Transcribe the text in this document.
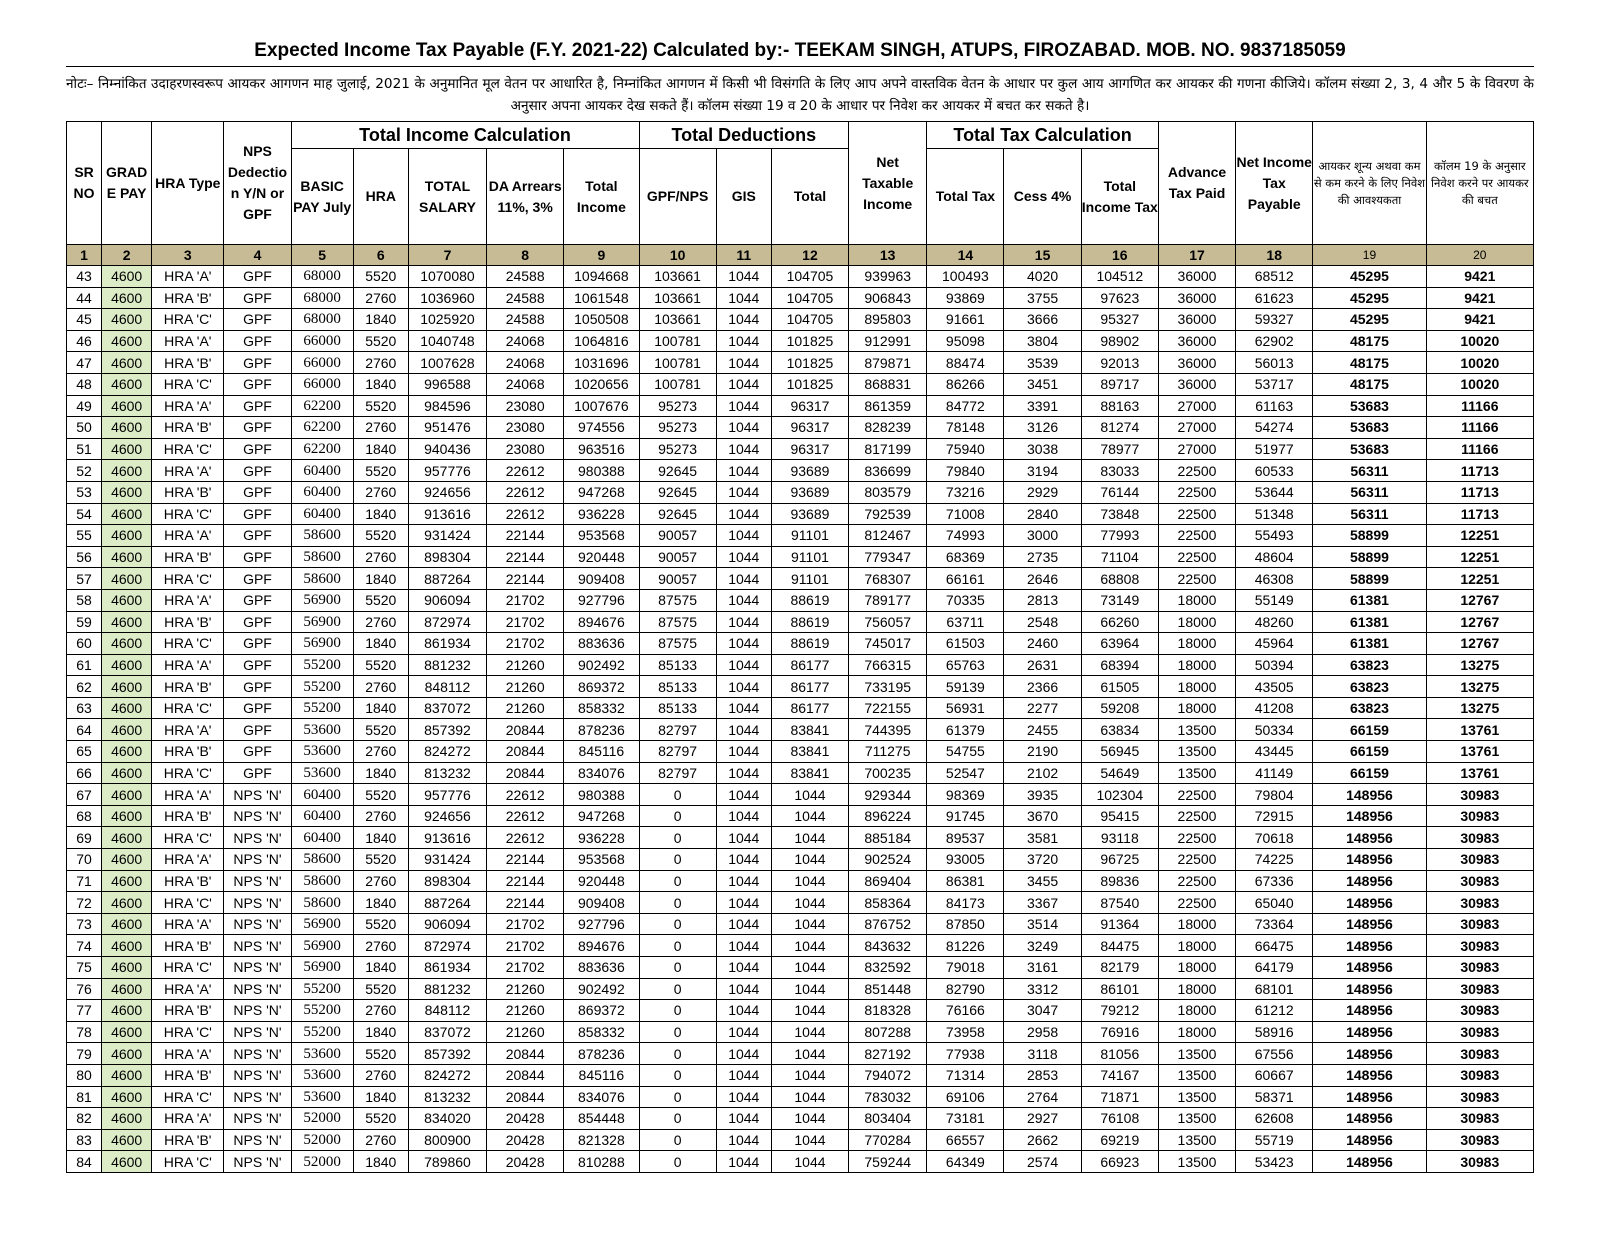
Expected Income Tax Payable (F.Y. 2021-22) Calculated by:- TEEKAM SINGH, ATUPS, FIROZABAD. MOB. NO. 9837185059
नोटः– निम्नांकित उदाहरणस्वरूप आयकर आगणन माह जुलाई, 2021 के अनुमानित मूल वेतन पर आधारित है, निम्नांकित आगणन में किसी भी विसंगति के लिए आप अपने वास्तविक वेतन के आधार पर कुल आय आगणित कर आयकर की गणना कीजिये। कॉलम संख्या 2, 3, 4 और 5 के विवरण के अनुसार अपना आयकर देख सकते हैं। कॉलम संख्या 19 व 20 के आधार पर निवेश कर आयकर में बचत कर सकते है।
SR NO	GRAD E PAY	HRA Type	NPS Dedectio n Y/N or GPF	Total Income Calculation					Total Deductions			Net Taxable Income	Total Tax Calculation			Advance Tax Paid	Net Income Tax Payable	आयकर शून्य अथवा कम से कम करने के लिए निवेश की आवश्यकता	कॉलम 19 के अनुसार निवेश करने पर आयकर की बचत
				BASIC PAY July	HRA	TOTAL SALARY	DA Arrears 11%, 3%	Total Income	GPF/NPS	GIS	Total		Total Tax	Cess 4%	Total Income Tax				
1	2	3	4	5	6	7	8	9	10	11	12	13	14	15	16	17	18	19	20
43	4600	HRA 'A'	GPF	68000	5520	1070080	24588	1094668	103661	1044	104705	939963	100493	4020	104512	36000	68512	45295	9421
44	4600	HRA 'B'	GPF	68000	2760	1036960	24588	1061548	103661	1044	104705	906843	93869	3755	97623	36000	61623	45295	9421
45	4600	HRA 'C'	GPF	68000	1840	1025920	24588	1050508	103661	1044	104705	895803	91661	3666	95327	36000	59327	45295	9421
46	4600	HRA 'A'	GPF	66000	5520	1040748	24068	1064816	100781	1044	101825	912991	95098	3804	98902	36000	62902	48175	10020
47	4600	HRA 'B'	GPF	66000	2760	1007628	24068	1031696	100781	1044	101825	879871	88474	3539	92013	36000	56013	48175	10020
48	4600	HRA 'C'	GPF	66000	1840	996588	24068	1020656	100781	1044	101825	868831	86266	3451	89717	36000	53717	48175	10020
49	4600	HRA 'A'	GPF	62200	5520	984596	23080	1007676	95273	1044	96317	861359	84772	3391	88163	27000	61163	53683	11166
50	4600	HRA 'B'	GPF	62200	2760	951476	23080	974556	95273	1044	96317	828239	78148	3126	81274	27000	54274	53683	11166
51	4600	HRA 'C'	GPF	62200	1840	940436	23080	963516	95273	1044	96317	817199	75940	3038	78977	27000	51977	53683	11166
52	4600	HRA 'A'	GPF	60400	5520	957776	22612	980388	92645	1044	93689	836699	79840	3194	83033	22500	60533	56311	11713
53	4600	HRA 'B'	GPF	60400	2760	924656	22612	947268	92645	1044	93689	803579	73216	2929	76144	22500	53644	56311	11713
54	4600	HRA 'C'	GPF	60400	1840	913616	22612	936228	92645	1044	93689	792539	71008	2840	73848	22500	51348	56311	11713
55	4600	HRA 'A'	GPF	58600	5520	931424	22144	953568	90057	1044	91101	812467	74993	3000	77993	22500	55493	58899	12251
56	4600	HRA 'B'	GPF	58600	2760	898304	22144	920448	90057	1044	91101	779347	68369	2735	71104	22500	48604	58899	12251
57	4600	HRA 'C'	GPF	58600	1840	887264	22144	909408	90057	1044	91101	768307	66161	2646	68808	22500	46308	58899	12251
58	4600	HRA 'A'	GPF	56900	5520	906094	21702	927796	87575	1044	88619	789177	70335	2813	73149	18000	55149	61381	12767
59	4600	HRA 'B'	GPF	56900	2760	872974	21702	894676	87575	1044	88619	756057	63711	2548	66260	18000	48260	61381	12767
60	4600	HRA 'C'	GPF	56900	1840	861934	21702	883636	87575	1044	88619	745017	61503	2460	63964	18000	45964	61381	12767
61	4600	HRA 'A'	GPF	55200	5520	881232	21260	902492	85133	1044	86177	766315	65763	2631	68394	18000	50394	63823	13275
62	4600	HRA 'B'	GPF	55200	2760	848112	21260	869372	85133	1044	86177	733195	59139	2366	61505	18000	43505	63823	13275
63	4600	HRA 'C'	GPF	55200	1840	837072	21260	858332	85133	1044	86177	722155	56931	2277	59208	18000	41208	63823	13275
64	4600	HRA 'A'	GPF	53600	5520	857392	20844	878236	82797	1044	83841	744395	61379	2455	63834	13500	50334	66159	13761
65	4600	HRA 'B'	GPF	53600	2760	824272	20844	845116	82797	1044	83841	711275	54755	2190	56945	13500	43445	66159	13761
66	4600	HRA 'C'	GPF	53600	1840	813232	20844	834076	82797	1044	83841	700235	52547	2102	54649	13500	41149	66159	13761
67	4600	HRA 'A'	NPS 'N'	60400	5520	957776	22612	980388	0	1044	1044	929344	98369	3935	102304	22500	79804	148956	30983
68	4600	HRA 'B'	NPS 'N'	60400	2760	924656	22612	947268	0	1044	1044	896224	91745	3670	95415	22500	72915	148956	30983
69	4600	HRA 'C'	NPS 'N'	60400	1840	913616	22612	936228	0	1044	1044	885184	89537	3581	93118	22500	70618	148956	30983
70	4600	HRA 'A'	NPS 'N'	58600	5520	931424	22144	953568	0	1044	1044	902524	93005	3720	96725	22500	74225	148956	30983
71	4600	HRA 'B'	NPS 'N'	58600	2760	898304	22144	920448	0	1044	1044	869404	86381	3455	89836	22500	67336	148956	30983
72	4600	HRA 'C'	NPS 'N'	58600	1840	887264	22144	909408	0	1044	1044	858364	84173	3367	87540	22500	65040	148956	30983
73	4600	HRA 'A'	NPS 'N'	56900	5520	906094	21702	927796	0	1044	1044	876752	87850	3514	91364	18000	73364	148956	30983
74	4600	HRA 'B'	NPS 'N'	56900	2760	872974	21702	894676	0	1044	1044	843632	81226	3249	84475	18000	66475	148956	30983
75	4600	HRA 'C'	NPS 'N'	56900	1840	861934	21702	883636	0	1044	1044	832592	79018	3161	82179	18000	64179	148956	30983
76	4600	HRA 'A'	NPS 'N'	55200	5520	881232	21260	902492	0	1044	1044	851448	82790	3312	86101	18000	68101	148956	30983
77	4600	HRA 'B'	NPS 'N'	55200	2760	848112	21260	869372	0	1044	1044	818328	76166	3047	79212	18000	61212	148956	30983
78	4600	HRA 'C'	NPS 'N'	55200	1840	837072	21260	858332	0	1044	1044	807288	73958	2958	76916	18000	58916	148956	30983
79	4600	HRA 'A'	NPS 'N'	53600	5520	857392	20844	878236	0	1044	1044	827192	77938	3118	81056	13500	67556	148956	30983
80	4600	HRA 'B'	NPS 'N'	53600	2760	824272	20844	845116	0	1044	1044	794072	71314	2853	74167	13500	60667	148956	30983
81	4600	HRA 'C'	NPS 'N'	53600	1840	813232	20844	834076	0	1044	1044	783032	69106	2764	71871	13500	58371	148956	30983
82	4600	HRA 'A'	NPS 'N'	52000	5520	834020	20428	854448	0	1044	1044	803404	73181	2927	76108	13500	62608	148956	30983
83	4600	HRA 'B'	NPS 'N'	52000	2760	800900	20428	821328	0	1044	1044	770284	66557	2662	69219	13500	55719	148956	30983
84	4600	HRA 'C'	NPS 'N'	52000	1840	789860	20428	810288	0	1044	1044	759244	64349	2574	66923	13500	53423	148956	30983
